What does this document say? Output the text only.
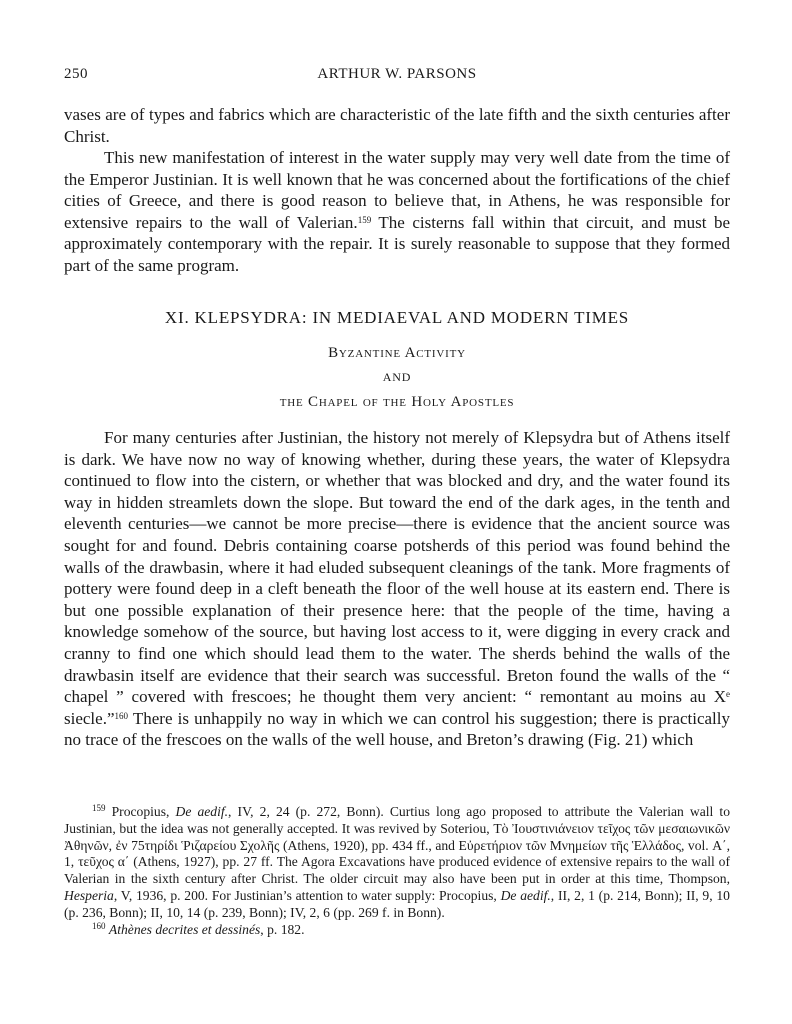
250	ARTHUR W. PARSONS

vases are of types and fabrics which are characteristic of the late fifth and the sixth centuries after Christ.

This new manifestation of interest in the water supply may very well date from the time of the Emperor Justinian. It is well known that he was concerned about the fortifications of the chief cities of Greece, and there is good reason to believe that, in Athens, he was responsible for extensive repairs to the wall of Valerian.$^{159}$ The cisterns fall within that circuit, and must be approximately contemporary with the repair. It is surely reasonable to suppose that they formed part of the same program.

XI. KLEPSYDRA: IN MEDIAEVAL AND MODERN TIMES
Byzantine Activity
AND
the Chapel of the Holy Apostles

For many centuries after Justinian, the history not merely of Klepsydra but of Athens itself is dark. We have now no way of knowing whether, during these years, the water of Klepsydra continued to flow into the cistern, or whether that was blocked and dry, and the water found its way in hidden streamlets down the slope. But toward the end of the dark ages, in the tenth and eleventh centuries—we cannot be more precise—there is evidence that the ancient source was sought for and found. Debris containing coarse potsherds of this period was found behind the walls of the drawbasin, where it had eluded subsequent cleanings of the tank. More fragments of pottery were found deep in a cleft beneath the floor of the well house at its eastern end. There is but one possible explanation of their presence here: that the people of the time, having a knowledge somehow of the source, but having lost access to it, were digging in every crack and cranny to find one which should lead them to the water. The sherds behind the walls of the drawbasin itself are evidence that their search was successful. Breton found the walls of the “ chapel ” covered with frescoes; he thought them very ancient: “ remontant au moins au Xe siecle.”$^{160}$ There is unhappily no way in which we can control his suggestion; there is practically no trace of the frescoes on the walls of the well house, and Breton’s drawing (Fig. 21) which

$^{159}$ Procopius, De aedif., IV, 2, 24 (p. 272, Bonn). Curtius long ago proposed to attribute the Valerian wall to Justinian, but the idea was not generally accepted. It was revived by Soteriou, Τὸ Ἰουστινιάνειον τεῖχος τῶν μεσαιωνικῶν Ἀθηνῶν, ἐν 75τηρίδι Ῥιζαρείου Σχολῆς (Athens, 1920), pp. 434 ff., and Εὐρετήριον τῶν Μνημείων τῆς Ἑλλάδος, vol. Α΄, 1, τεῦχος α΄ (Athens, 1927), pp. 27 ff. The Agora Excavations have produced evidence of extensive repairs to the wall of Valerian in the sixth century after Christ. The older circuit may also have been put in order at this time, Thompson, Hesperia, V, 1936, p. 200. For Justinian’s attention to water supply: Procopius, De aedif., II, 2, 1 (p. 214, Bonn); II, 9, 10 (p. 236, Bonn); II, 10, 14 (p. 239, Bonn); IV, 2, 6 (pp. 269 f. in Bonn).

$^{160}$ Athènes decrites et dessinés, p. 182.
